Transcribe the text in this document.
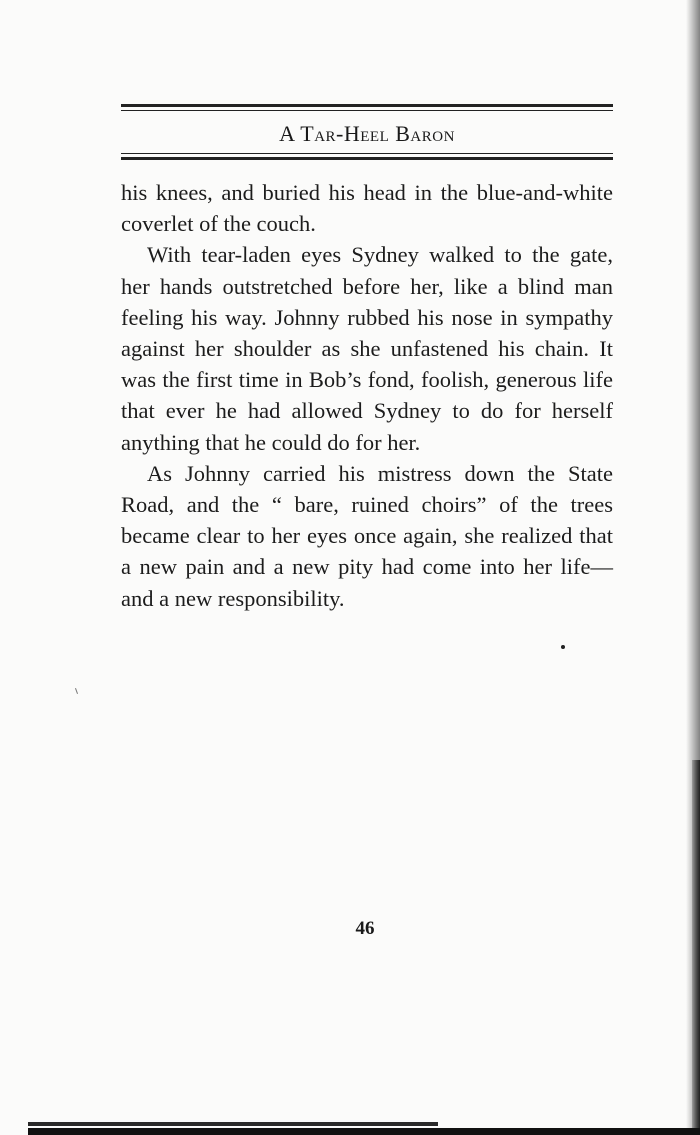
A Tar-Heel Baron

his knees, and buried his head in the blue-and-white coverlet of the couch.

With tear-laden eyes Sydney walked to the gate, her hands outstretched before her, like a blind man feeling his way. Johnny rubbed his nose in sympathy against her shoulder as she unfastened his chain. It was the first time in Bob’s fond, foolish, generous life that ever he had allowed Sydney to do for herself anything that he could do for her.

As Johnny carried his mistress down the State Road, and the “ bare, ruined choirs” of the trees became clear to her eyes once again, she realized that a new pain and a new pity had come into her life—and a new responsibility.

46
